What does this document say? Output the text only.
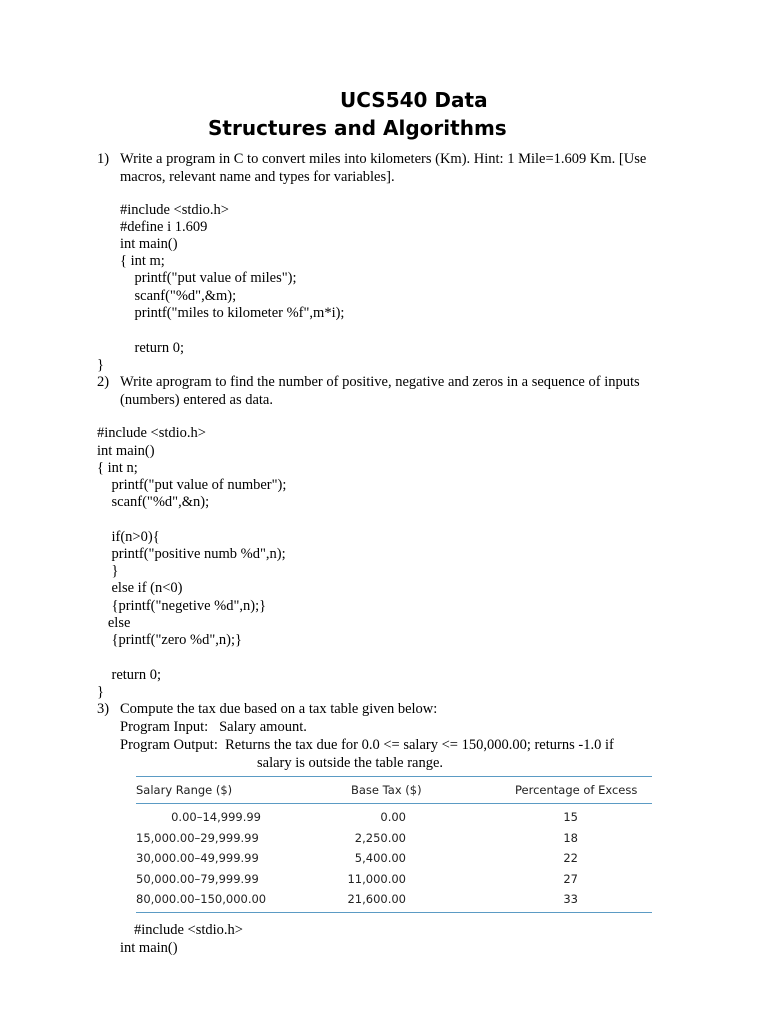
UCS540 Data
Structures and Algorithms
1) Write a program in C to convert miles into kilometers (Km). Hint: 1 Mile=1.609 Km. [Use
macros, relevant name and types for variables].
#include <stdio.h>
#define i 1.609
int main()
{ int m;
printf("put value of miles");
scanf("%d",&m);
printf("miles to kilometer %f",m*i);
return 0;
}
2) Write aprogram to find the number of positive, negative and zeros in a sequence of inputs
(numbers) entered as data.
#include <stdio.h>
int main()
{ int n;
printf("put value of number");
scanf("%d",&n);
if(n>0){
printf("positive numb %d",n);
}
else if (n<0)
{printf("negetive %d",n);}
else
{printf("zero %d",n);}
return 0;
}
3) Compute the tax due based on a tax table given below:
Program Input:   Salary amount.
Program Output:  Returns the tax due for 0.0 <= salary <= 150,000.00; returns -1.0 if
salary is outside the table range.
Salary Range ($)	Base Tax ($)	Percentage of Excess
0.00–14,999.99	0.00	15
15,000.00–29,999.99	2,250.00	18
30,000.00–49,999.99	5,400.00	22
50,000.00–79,999.99	11,000.00	27
80,000.00–150,000.00	21,600.00	33
#include <stdio.h>
int main()
